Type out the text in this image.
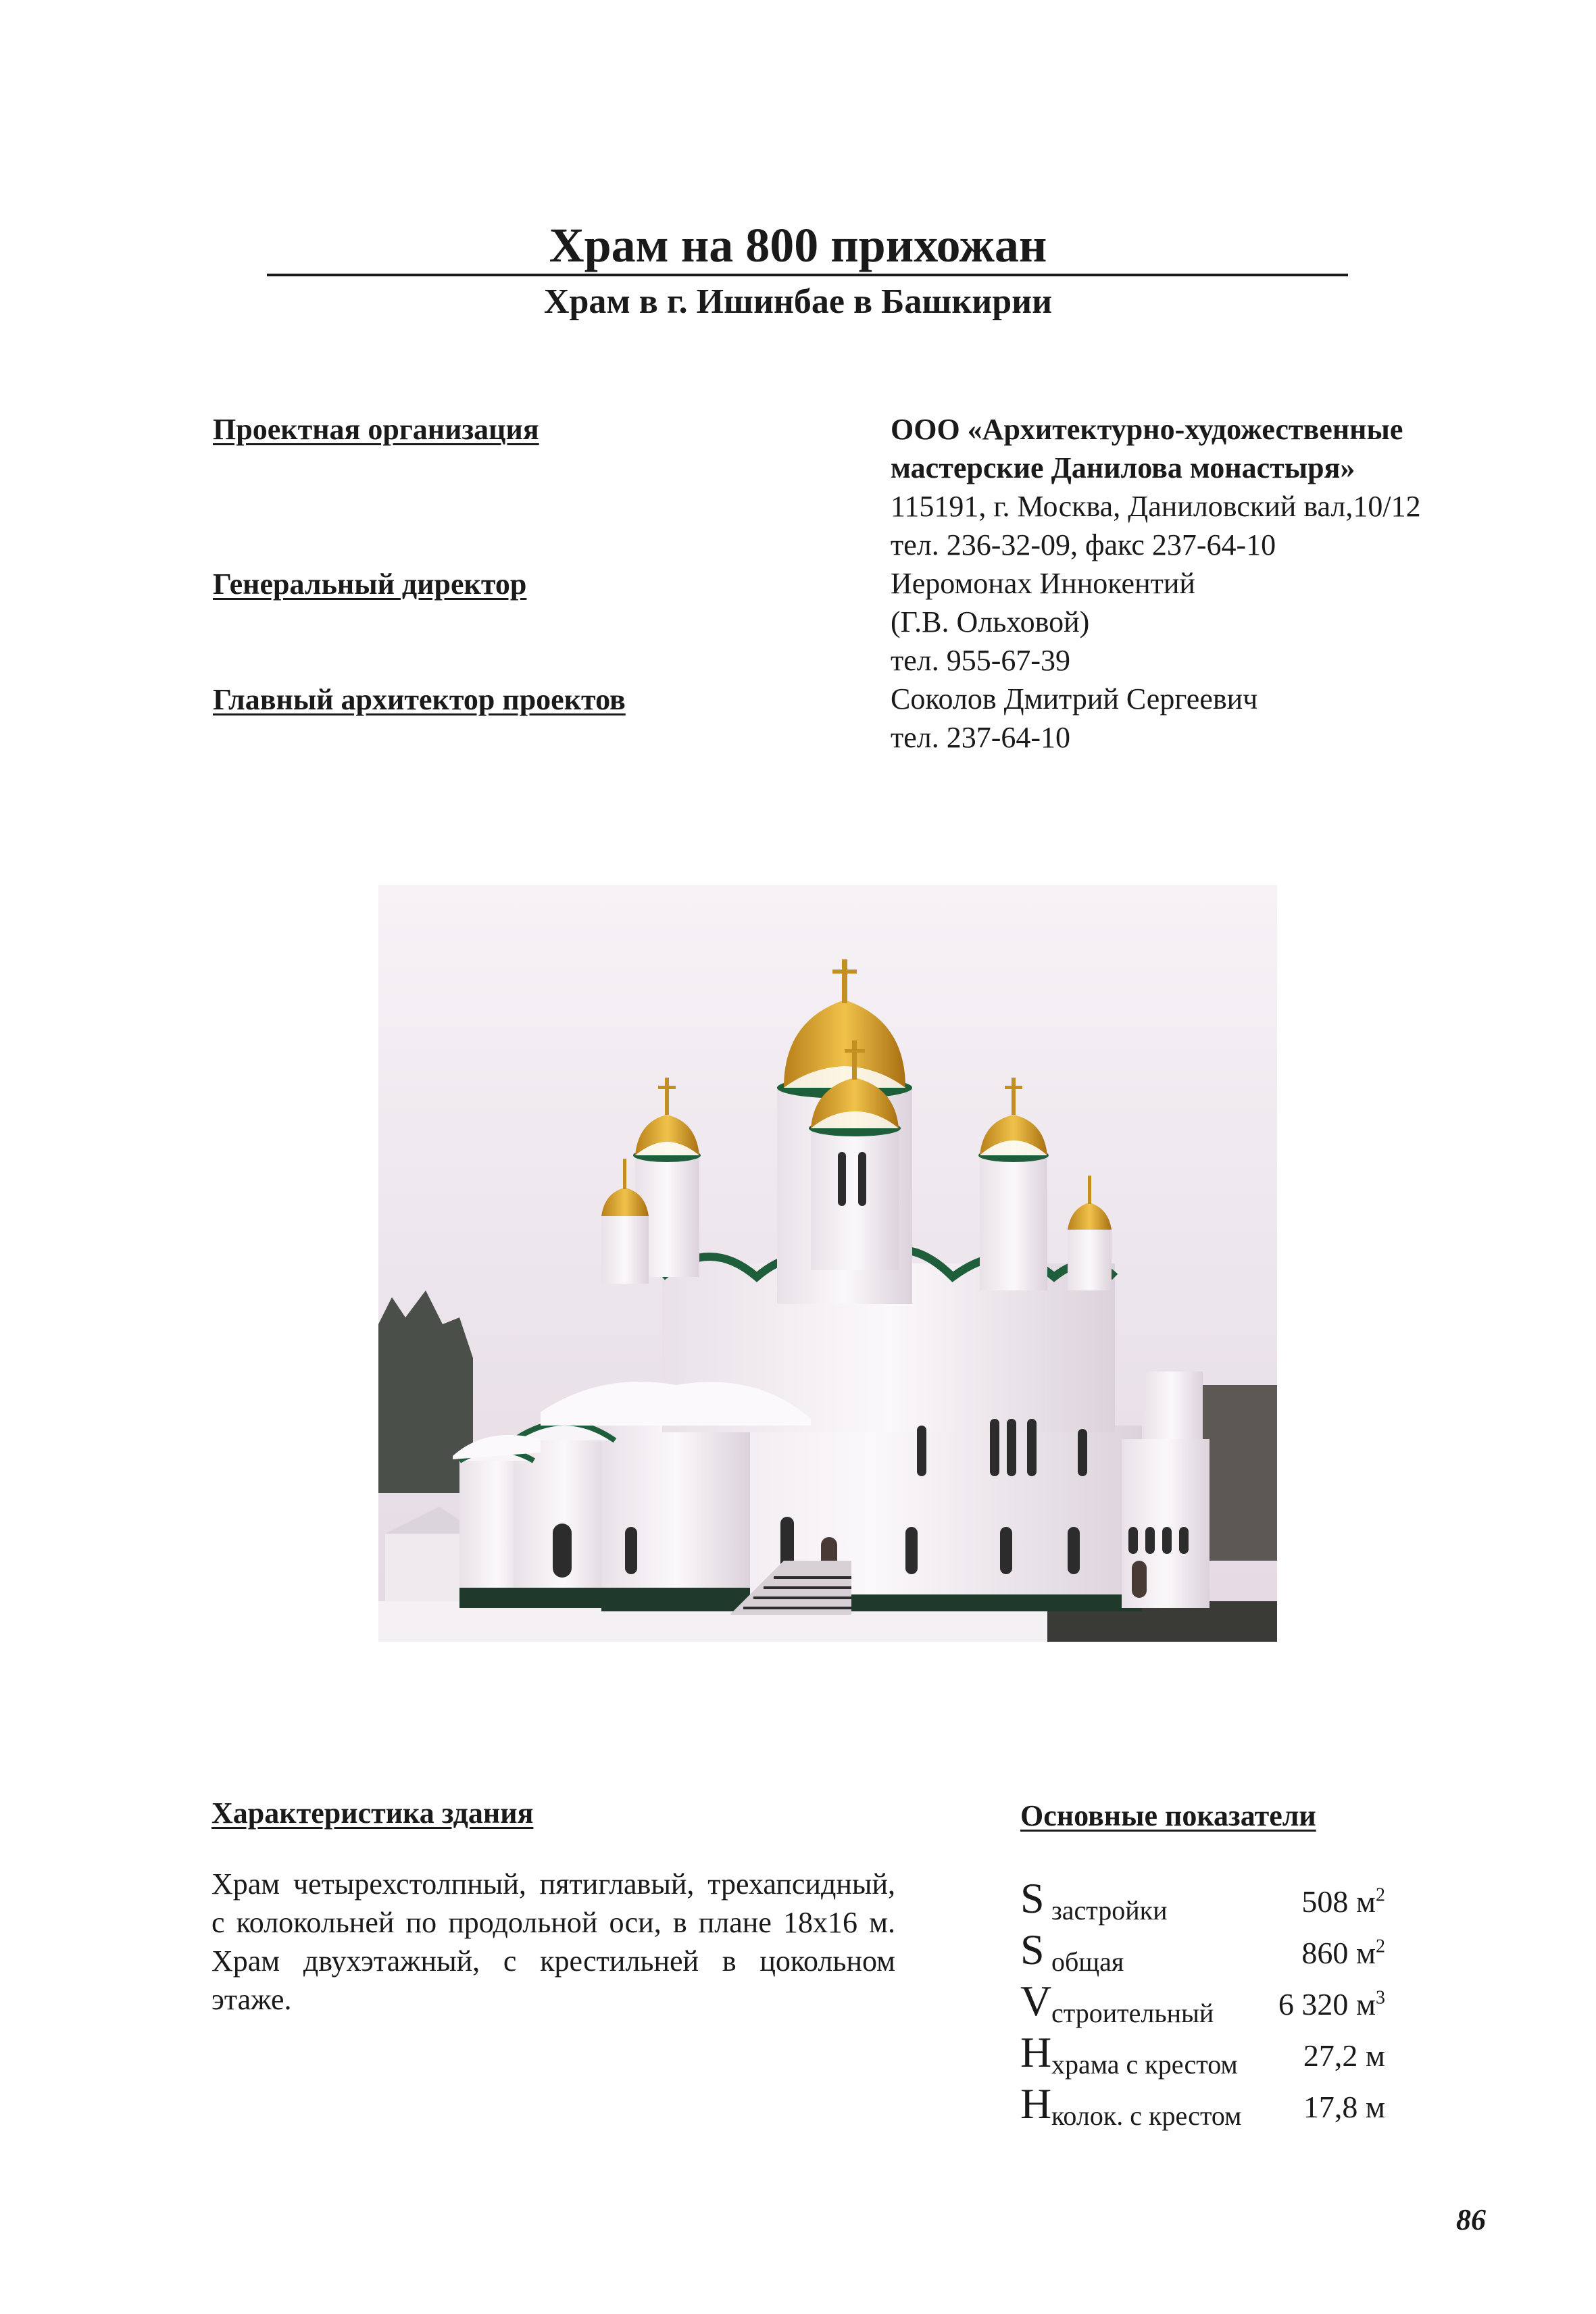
Храм на 800 прихожан
Храм в г. Ишинбае в Башкирии
Проектная организация
Генеральный директор
Главный архитектор проектов
ООО «Архитектурно-художественные
мастерские Данилова монастыря»
115191, г. Москва, Даниловский вал,10/12
тел. 236-32-09, факс 237-64-10
Иеромонах Иннокентий
(Г.В. Ольховой)
тел. 955-67-39
Соколов Дмитрий Сергеевич
тел. 237-64-10
Характеристика здания
Храм четырехстолпный, пятиглавый, трехапсидный, с колокольней по продольной оси, в плане 18х16 м. Храм двухэтажный, с крестильней в цокольном этаже.
Основные показатели
S застройки	508 $м^2$
S общая	860 $м^2$
V строительный 6 320 $м^3$
H храма с крестом 27,2 м
H колок. с крестом 17,8 м
86
